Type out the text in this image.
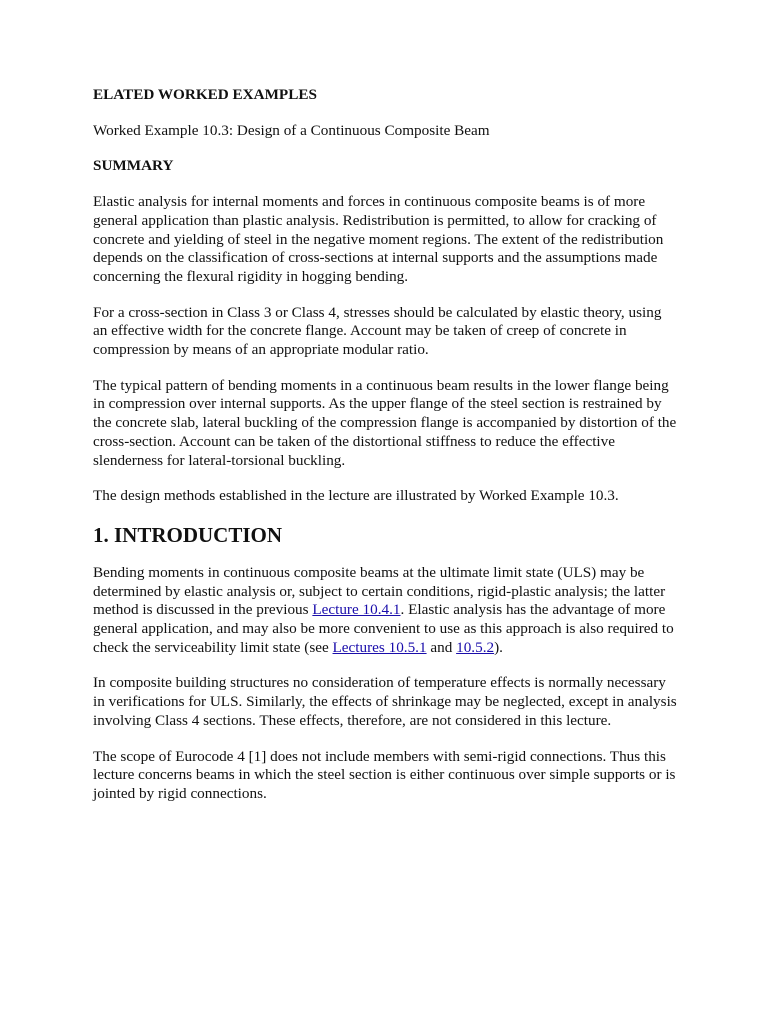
ELATED WORKED EXAMPLES
Worked Example 10.3: Design of a Continuous Composite Beam
SUMMARY

Elastic analysis for internal moments and forces in continuous composite beams is of more general application than plastic analysis. Redistribution is permitted, to allow for cracking of concrete and yielding of steel in the negative moment regions. The extent of the redistribution depends on the classification of cross-sections at internal supports and the assumptions made concerning the flexural rigidity in hogging bending.

For a cross-section in Class 3 or Class 4, stresses should be calculated by elastic theory, using an effective width for the concrete flange. Account may be taken of creep of concrete in compression by means of an appropriate modular ratio.

The typical pattern of bending moments in a continuous beam results in the lower flange being in compression over internal supports. As the upper flange of the steel section is restrained by the concrete slab, lateral buckling of the compression flange is accompanied by distortion of the cross-section. Account can be taken of the distortional stiffness to reduce the effective slenderness for lateral-torsional buckling.

The design methods established in the lecture are illustrated by Worked Example 10.3.

1. INTRODUCTION

Bending moments in continuous composite beams at the ultimate limit state (ULS) may be determined by elastic analysis or, subject to certain conditions, rigid-plastic analysis; the latter method is discussed in the previous Lecture 10.4.1. Elastic analysis has the advantage of more general application, and may also be more convenient to use as this approach is also required to check the serviceability limit state (see Lectures 10.5.1 and 10.5.2).

In composite building structures no consideration of temperature effects is normally necessary in verifications for ULS. Similarly, the effects of shrinkage may be neglected, except in analysis involving Class 4 sections. These effects, therefore, are not considered in this lecture.

The scope of Eurocode 4 [1] does not include members with semi-rigid connections. Thus this lecture concerns beams in which the steel section is either continuous over simple supports or is jointed by rigid connections.
